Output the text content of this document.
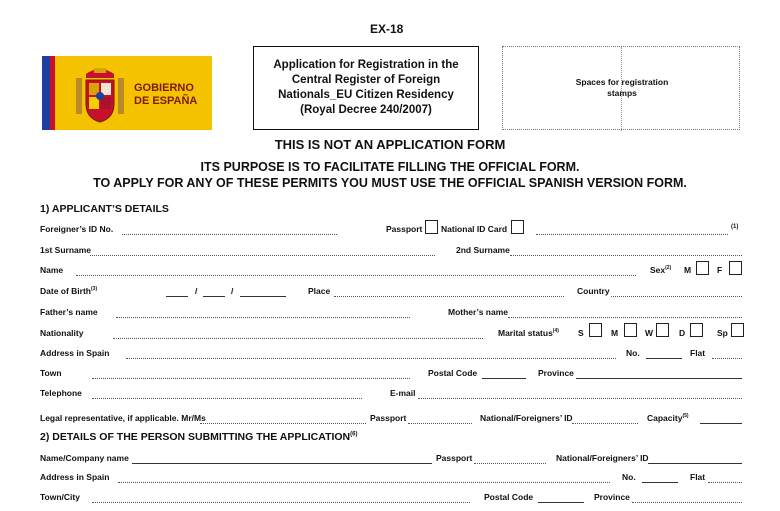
EX-18
GOBIERNO
DE ESPAÑA
Application for Registration in the
Central Register of Foreign
Nationals_EU Citizen Residency
(Royal Decree 240/2007)
Spaces for registration
stamps
THIS IS NOT AN APPLICATION FORM
ITS PURPOSE IS TO FACILITATE FILLING THE OFFICIAL FORM.
TO APPLY FOR ANY OF THESE PERMITS YOU MUST USE THE OFFICIAL SPANISH VERSION FORM.
1) APPLICANT’S DETAILS
Foreigner’s ID No.	Passport National ID Card	(1)
1st Surname	2nd Surname
Name	Sex$^{(2)}$ M	F
Date of Birth$^{(3)}$	/	/	Place	Country
Father’s name	Mother’s name
Nationality	Marital status$^{(4)}$ S	M	W	D	Sp
Address in Spain	No.	Flat
Town	Postal Code	Province
Telephone	E-mail
Legal representative, if applicable. Mr/Ms	Passport	National/Foreigners’ ID	Capacity$^{(5)}$
2) DETAILS OF THE PERSON SUBMITTING THE APPLICATION$^{(6)}$
Name/Company name	Passport	National/Foreigners’ ID
Address in Spain	No.	Flat
Town/City	Postal Code	Province
